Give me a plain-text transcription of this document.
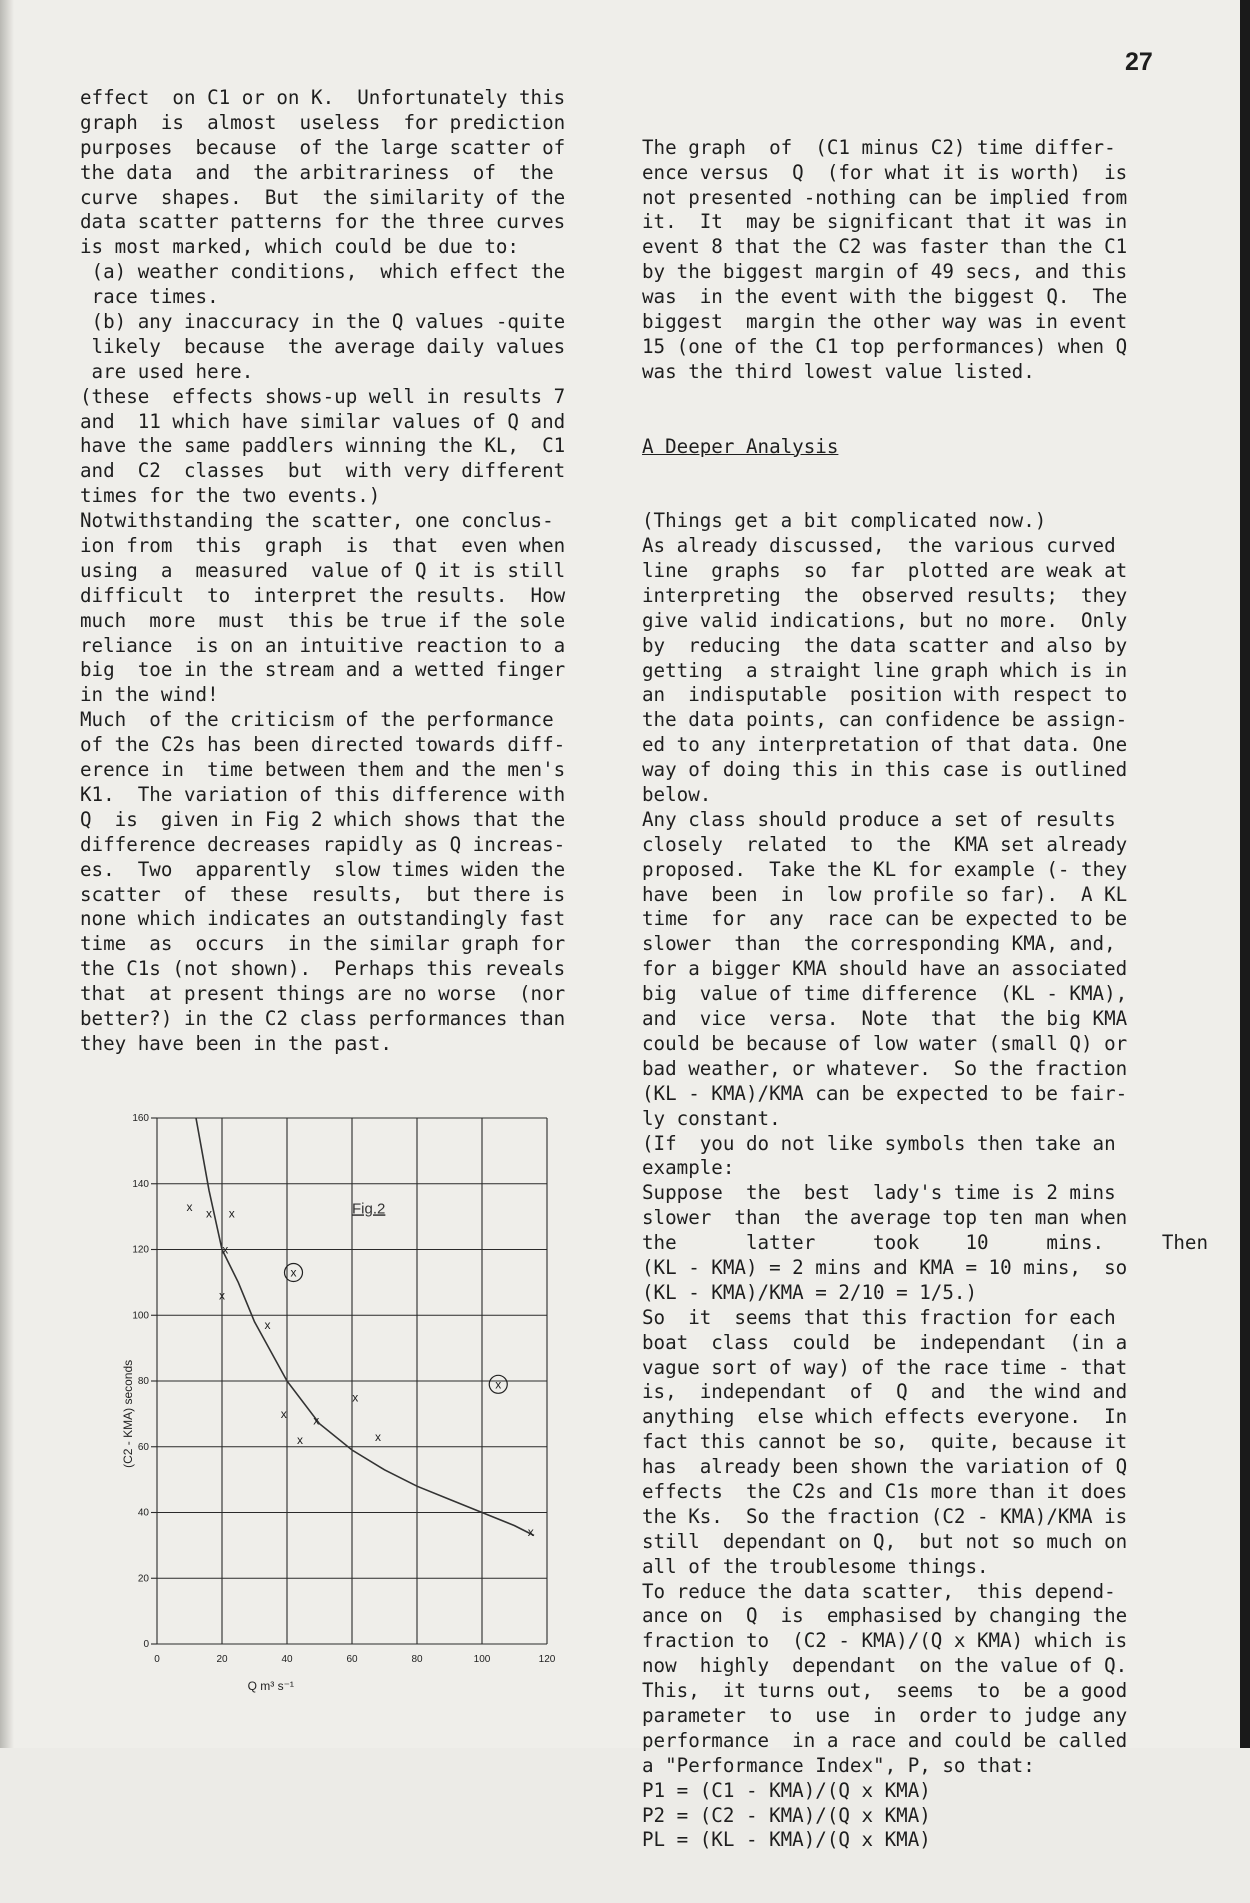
27
effect  on C1 or on K.  Unfortunately this
graph  is  almost  useless  for prediction
purposes  because  of the large scatter of
the data  and  the arbitrariness  of  the
curve  shapes.  But  the similarity of the
data scatter patterns for the three curves
is most marked, which could be due to:
(a) weather conditions,  which effect the
race times.
(b) any inaccuracy in the Q values -quite
likely  because  the average daily values
are used here.
(these  effects shows-up well in results 7
and  11 which have similar values of Q and
have the same paddlers winning the KL,  C1
and  C2  classes  but  with very different
times for the two events.)
Notwithstanding the scatter, one conclus-
ion from  this  graph  is  that  even when
using  a  measured  value of Q it is still
difficult  to  interpret the results.  How
much  more  must  this be true if the sole
reliance  is on an intuitive reaction to a
big  toe in the stream and a wetted finger
in the wind!
Much  of the criticism of the performance
of the C2s has been directed towards diff-
erence in  time between them and the men's
K1.  The variation of this difference with
Q  is  given in Fig 2 which shows that the
difference decreases rapidly as Q increas-
es.  Two  apparently  slow times widen the
scatter  of  these  results,  but there is
none which indicates an outstandingly fast
time  as  occurs  in the similar graph for
the C1s (not shown).  Perhaps this reveals
that  at present things are no worse  (nor
better?) in the C2 class performances than
they have been in the past.

The graph  of  (C1 minus C2) time differ-
ence versus  Q  (for what it is worth)  is
not presented -nothing can be implied from
it.  It  may be significant that it was in
event 8 that the C2 was faster than the C1
by the biggest margin of 49 secs, and this
was  in the event with the biggest Q.  The
biggest  margin the other way was in event
15 (one of the C1 top performances) when Q
was the third lowest value listed.

A Deeper Analysis

(Things get a bit complicated now.)
As already discussed,  the various curved
line  graphs  so  far  plotted are weak at
interpreting  the  observed results;  they
give valid indications, but no more.  Only
by  reducing  the data scatter and also by
getting  a straight line graph which is in
an  indisputable  position with respect to
the data points, can confidence be assign-
ed to any interpretation of that data. One
way of doing this in this case is outlined
below.
Any class should produce a set of results
closely  related  to  the  KMA set already
proposed.  Take the KL for example (- they
have  been  in  low profile so far).  A KL
time  for  any  race can be expected to be
slower  than  the corresponding KMA, and,
for a bigger KMA should have an associated
big  value of time difference  (KL - KMA),
and  vice  versa.  Note  that  the big KMA
could be because of low water (small Q) or
bad weather, or whatever.  So the fraction
(KL - KMA)/KMA can be expected to be fair-
ly constant.
(If  you do not like symbols then take an
example:
Suppose  the  best  lady's time is 2 mins
slower  than  the average top ten man when
the      latter     took    10     mins.     Then
(KL - KMA) = 2 mins and KMA = 10 mins,  so
(KL - KMA)/KMA = 2/10 = 1/5.)
So  it  seems that this fraction for each
boat  class  could  be  independant  (in a
vague sort of way) of the race time - that
is,  independant  of  Q  and  the wind and
anything  else which effects everyone.  In
fact this cannot be so,  quite, because it
has  already been shown the variation of Q
effects  the C2s and C1s more than it does
the Ks.  So the fraction (C2 - KMA)/KMA is
still  dependant on Q,  but not so much on
all of the troublesome things.
To reduce the data scatter,  this depend-
ance on  Q  is  emphasised by changing the
fraction to  (C2 - KMA)/(Q x KMA) which is
now  highly  dependant  on the value of Q.
This,  it turns out,  seems  to  be a good
parameter  to  use  in  order to judge any
performance  in a race and could be called
a "Performance Index", P, so that:
P1 = (C1 - KMA)/(Q x KMA)
P2 = (C2 - KMA)/(Q x KMA)
PL = (KL - KMA)/(Q x KMA)

0	20	40	60	80	100	120
0
20
40
60
80
100
120
140
160
x x x
x
x
x
x x
x
x
x
x
x
x
Fig.2
Q m³ s⁻¹
(C2 - KMA) seconds
